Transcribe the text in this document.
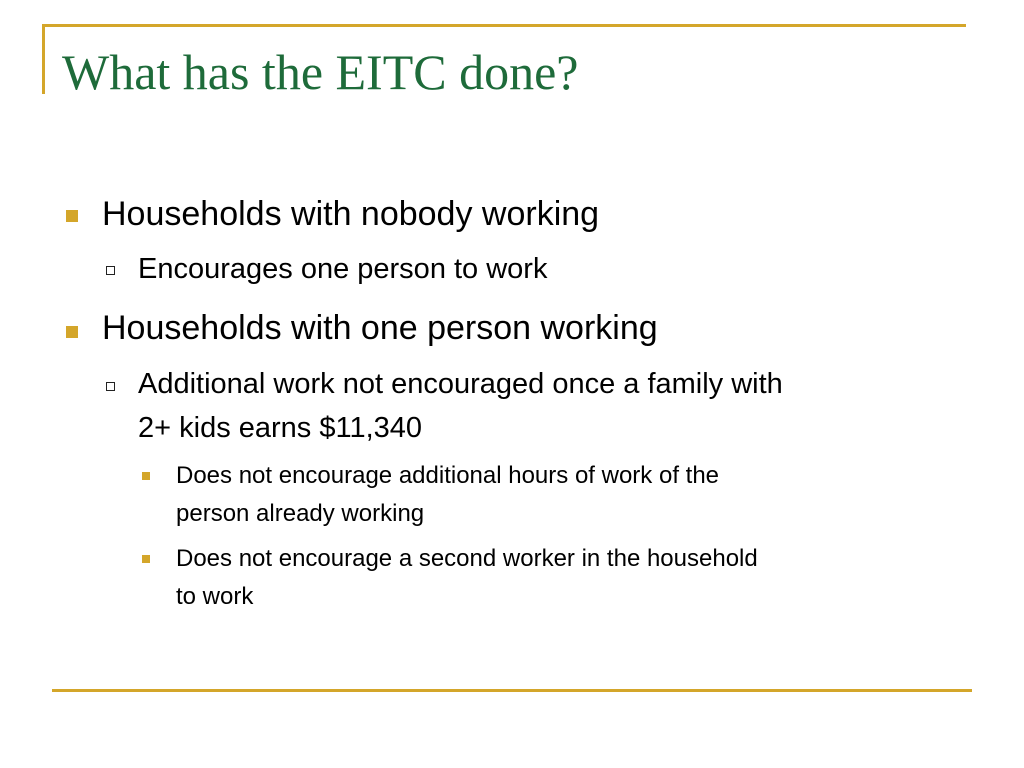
What has the EITC done?
Households with nobody working
Encourages one person to work
Households with one person working
Additional work not encouraged once a family with
2+ kids earns $11,340
Does not encourage additional hours of work of the
person already working
Does not encourage a second worker in the household
to work
